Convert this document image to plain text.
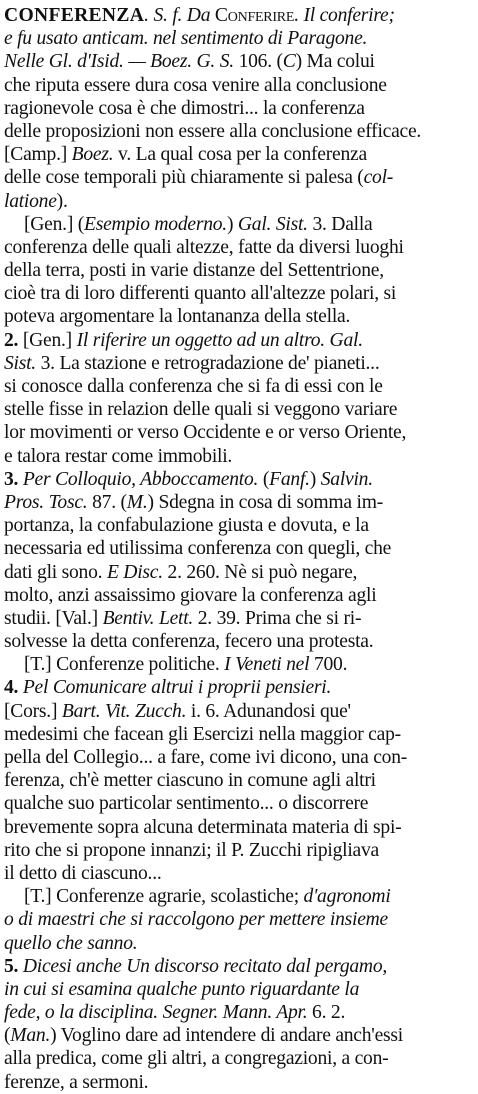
CONFERENZA. S. f. Da Conferire. Il conferire;
e fu usato anticam. nel sentimento di Paragone.
Nelle Gl. d'Isid. — Boez. G. S. 106. (C) Ma colui
che riputa essere dura cosa venire alla conclusione
ragionevole cosa è che dimostri... la conferenza
delle proposizioni non essere alla conclusione efficace.
[Camp.] Boez. v. La qual cosa per la conferenza
delle cose temporali più chiaramente si palesa (col-
latione).
[Gen.] (Esempio moderno.) Gal. Sist. 3. Dalla
conferenza delle quali altezze, fatte da diversi luoghi
della terra, posti in varie distanze del Settentrione,
cioè tra di loro differenti quanto all'altezze polari, si
poteva argomentare la lontananza della stella.
2. [Gen.] Il riferire un oggetto ad un altro. Gal.
Sist. 3. La stazione e retrogradazione de' pianeti...
si conosce dalla conferenza che si fa di essi con le
stelle fisse in relazion delle quali si veggono variare
lor movimenti or verso Occidente e or verso Oriente,
e talora restar come immobili.
3. Per Colloquio, Abboccamento. (Fanf.) Salvin.
Pros. Tosc. 87. (M.) Sdegna in cosa di somma im-
portanza, la confabulazione giusta e dovuta, e la
necessaria ed utilissima conferenza con quegli, che
dati gli sono. E Disc. 2. 260. Nè si può negare,
molto, anzi assaissimo giovare la conferenza agli
studii. [Val.] Bentiv. Lett. 2. 39. Prima che si ri-
solvesse la detta conferenza, fecero una protesta.
[T.] Conferenze politiche. I Veneti nel 700.
4. Pel Comunicare altrui i proprii pensieri.
[Cors.] Bart. Vit. Zucch. i. 6. Adunandosi que'
medesimi che facean gli Esercizi nella maggior cap-
pella del Collegio... a fare, come ivi dicono, una con-
ferenza, ch'è metter ciascuno in comune agli altri
qualche suo particolar sentimento... o discorrere
brevemente sopra alcuna determinata materia di spi-
rito che si propone innanzi; il P. Zucchi ripigliava
il detto di ciascuno...
[T.] Conferenze agrarie, scolastiche; d'agronomi
o di maestri che si raccolgono per mettere insieme
quello che sanno.
5. Dicesi anche Un discorso recitato dal pergamo,
in cui si esamina qualche punto riguardante la
fede, o la disciplina. Segner. Mann. Apr. 6. 2.
(Man.) Voglino dare ad intendere di andare anch'essi
alla predica, come gli altri, a congregazioni, a con-
ferenze, a sermoni.
